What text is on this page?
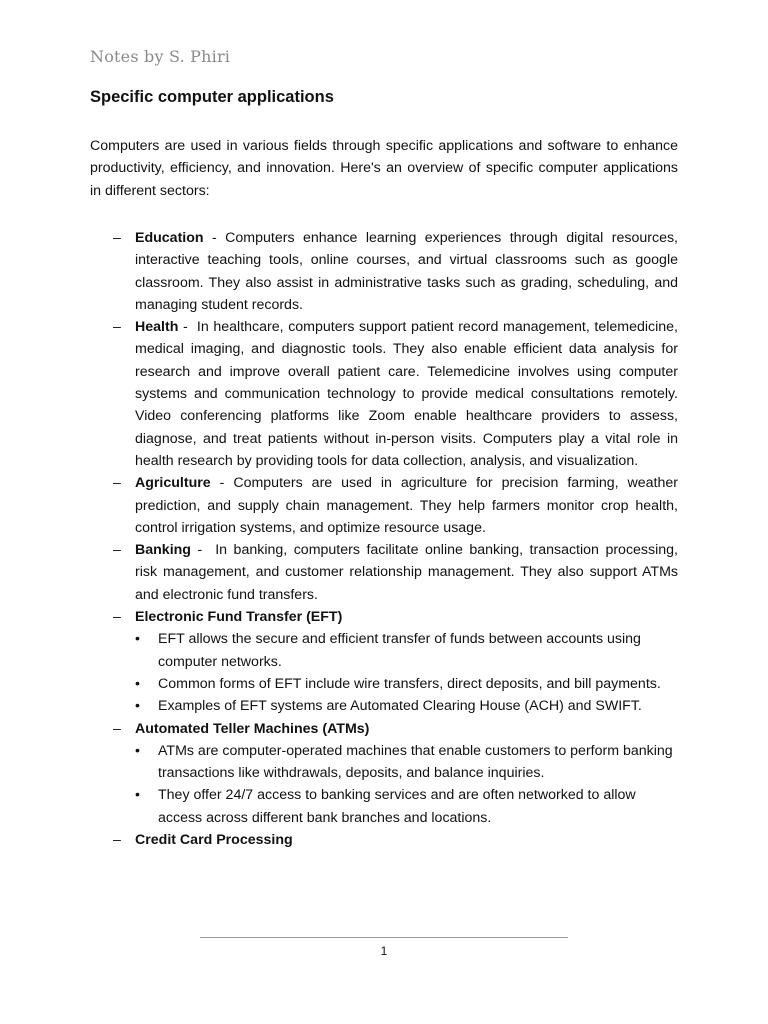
Notes by S. Phiri
Specific computer applications

Computers are used in various fields through specific applications and software to enhance productivity, efficiency, and innovation. Here's an overview of specific computer applications in different sectors:

– Education - Computers enhance learning experiences through digital resources, interactive teaching tools, online courses, and virtual classrooms such as google classroom. They also assist in administrative tasks such as grading, scheduling, and managing student records.
– Health -  In healthcare, computers support patient record management, telemedicine, medical imaging, and diagnostic tools. They also enable efficient data analysis for research and improve overall patient care. Telemedicine involves using computer systems and communication technology to provide medical consultations remotely. Video conferencing platforms like Zoom enable healthcare providers to assess, diagnose, and treat patients without in-person visits. Computers play a vital role in health research by providing tools for data collection, analysis, and visualization.
– Agriculture - Computers are used in agriculture for precision farming, weather prediction, and supply chain management. They help farmers monitor crop health, control irrigation systems, and optimize resource usage.
– Banking -  In banking, computers facilitate online banking, transaction processing, risk management, and customer relationship management. They also support ATMs and electronic fund transfers.
– Electronic Fund Transfer (EFT)
• EFT allows the secure and efficient transfer of funds between accounts using computer networks.
• Common forms of EFT include wire transfers, direct deposits, and bill payments.
• Examples of EFT systems are Automated Clearing House (ACH) and SWIFT.
– Automated Teller Machines (ATMs)
• ATMs are computer-operated machines that enable customers to perform banking transactions like withdrawals, deposits, and balance inquiries.
• They offer 24/7 access to banking services and are often networked to allow access across different bank branches and locations.
– Credit Card Processing
1
